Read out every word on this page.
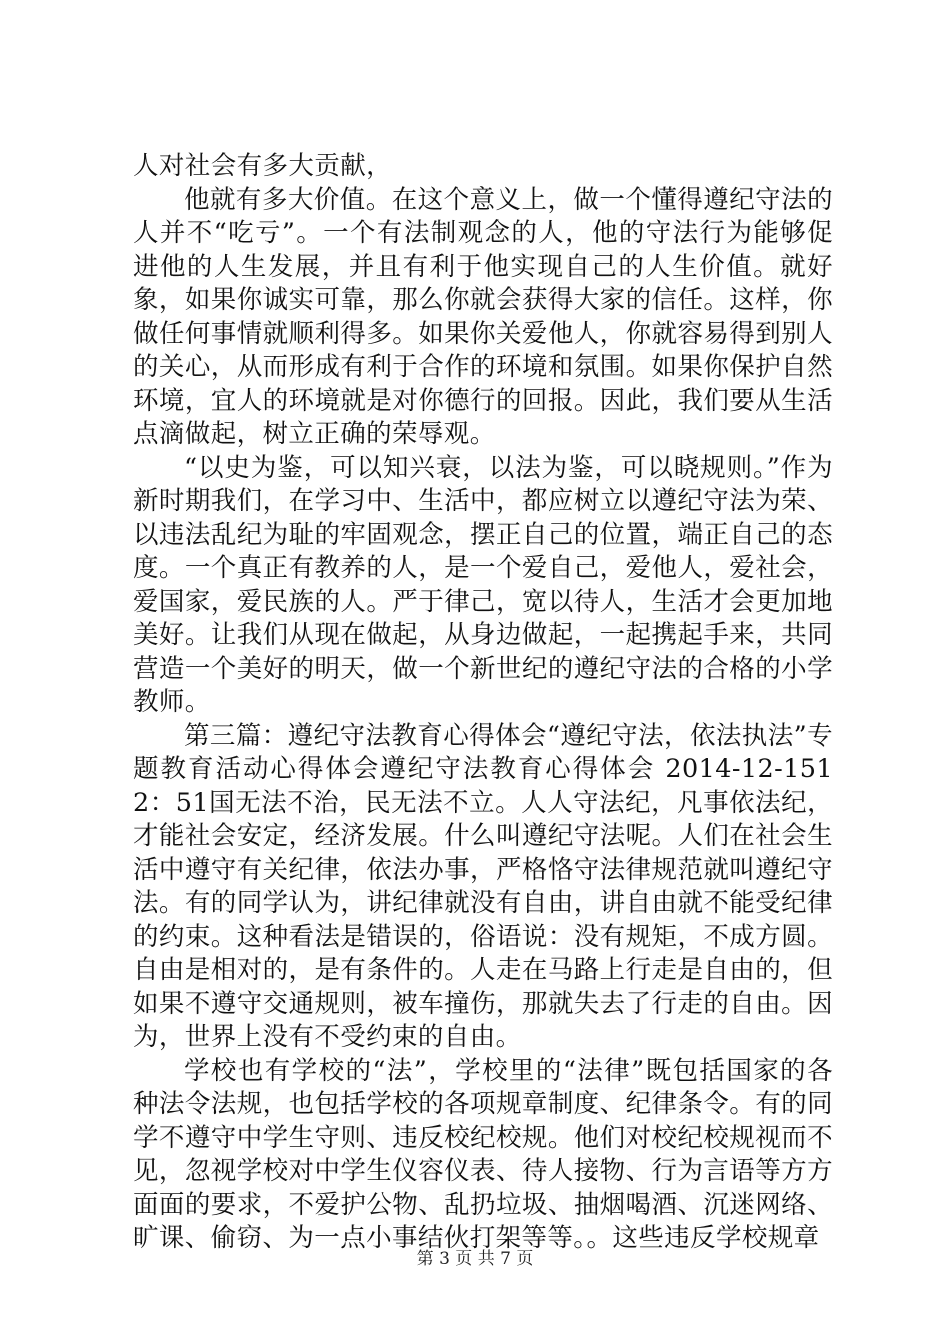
人对社会有多大贡献，

他就有多大价值。在这个意义上，做一个懂得遵纪守法的人并不“吃亏”。一个有法制观念的人，他的守法行为能够促进他的人生发展，并且有利于他实现自己的人生价值。就好象，如果你诚实可靠，那么你就会获得大家的信任。这样，你做任何事情就顺利得多。如果你关爱他人，你就容易得到别人的关心，从而形成有利于合作的环境和氛围。如果你保护自然环境，宜人的环境就是对你德行的回报。因此，我们要从生活点滴做起，树立正确的荣辱观。

“以史为鉴，可以知兴衰，以法为鉴，可以晓规则。”作为新时期我们，在学习中、生活中，都应树立以遵纪守法为荣、以违法乱纪为耻的牢固观念，摆正自己的位置，端正自己的态度。一个真正有教养的人，是一个爱自己，爱他人，爱社会，爱国家，爱民族的人。严于律己，宽以待人，生活才会更加地美好。让我们从现在做起，从身边做起，一起携起手来，共同营造一个美好的明天，做一个新世纪的遵纪守法的合格的小学教师。

第三篇：遵纪守法教育心得体会“遵纪守法，依法执法”专题教育活动心得体会遵纪守法教育心得体会 2014-12-1512：51国无法不治，民无法不立。人人守法纪，凡事依法纪，才能社会安定，经济发展。什么叫遵纪守法呢。人们在社会生活中遵守有关纪律，依法办事，严格恪守法律规范就叫遵纪守法。有的同学认为，讲纪律就没有自由，讲自由就不能受纪律的约束。这种看法是错误的，俗语说：没有规矩，不成方圆。自由是相对的，是有条件的。人走在马路上行走是自由的，但如果不遵守交通规则，被车撞伤，那就失去了行走的自由。因为，世界上没有不受约束的自由。

学校也有学校的“法”，学校里的“法律”既包括国家的各种法令法规，也包括学校的各项规章制度、纪律条令。有的同学不遵守中学生守则、违反校纪校规。他们对校纪校规视而不见，忽视学校对中学生仪容仪表、待人接物、行为言语等方方面面的要求，不爱护公物、乱扔垃圾、抽烟喝酒、沉迷网络、旷课、偷窃、为一点小事结伙打架等等。。这些违反学校规章

第 3 页 共 7 页
